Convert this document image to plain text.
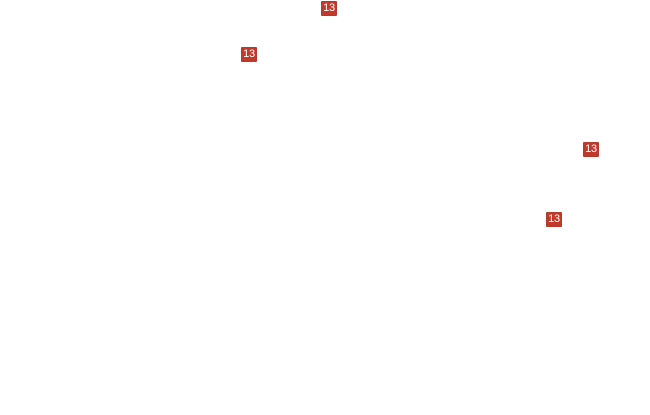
13
13
13
13
